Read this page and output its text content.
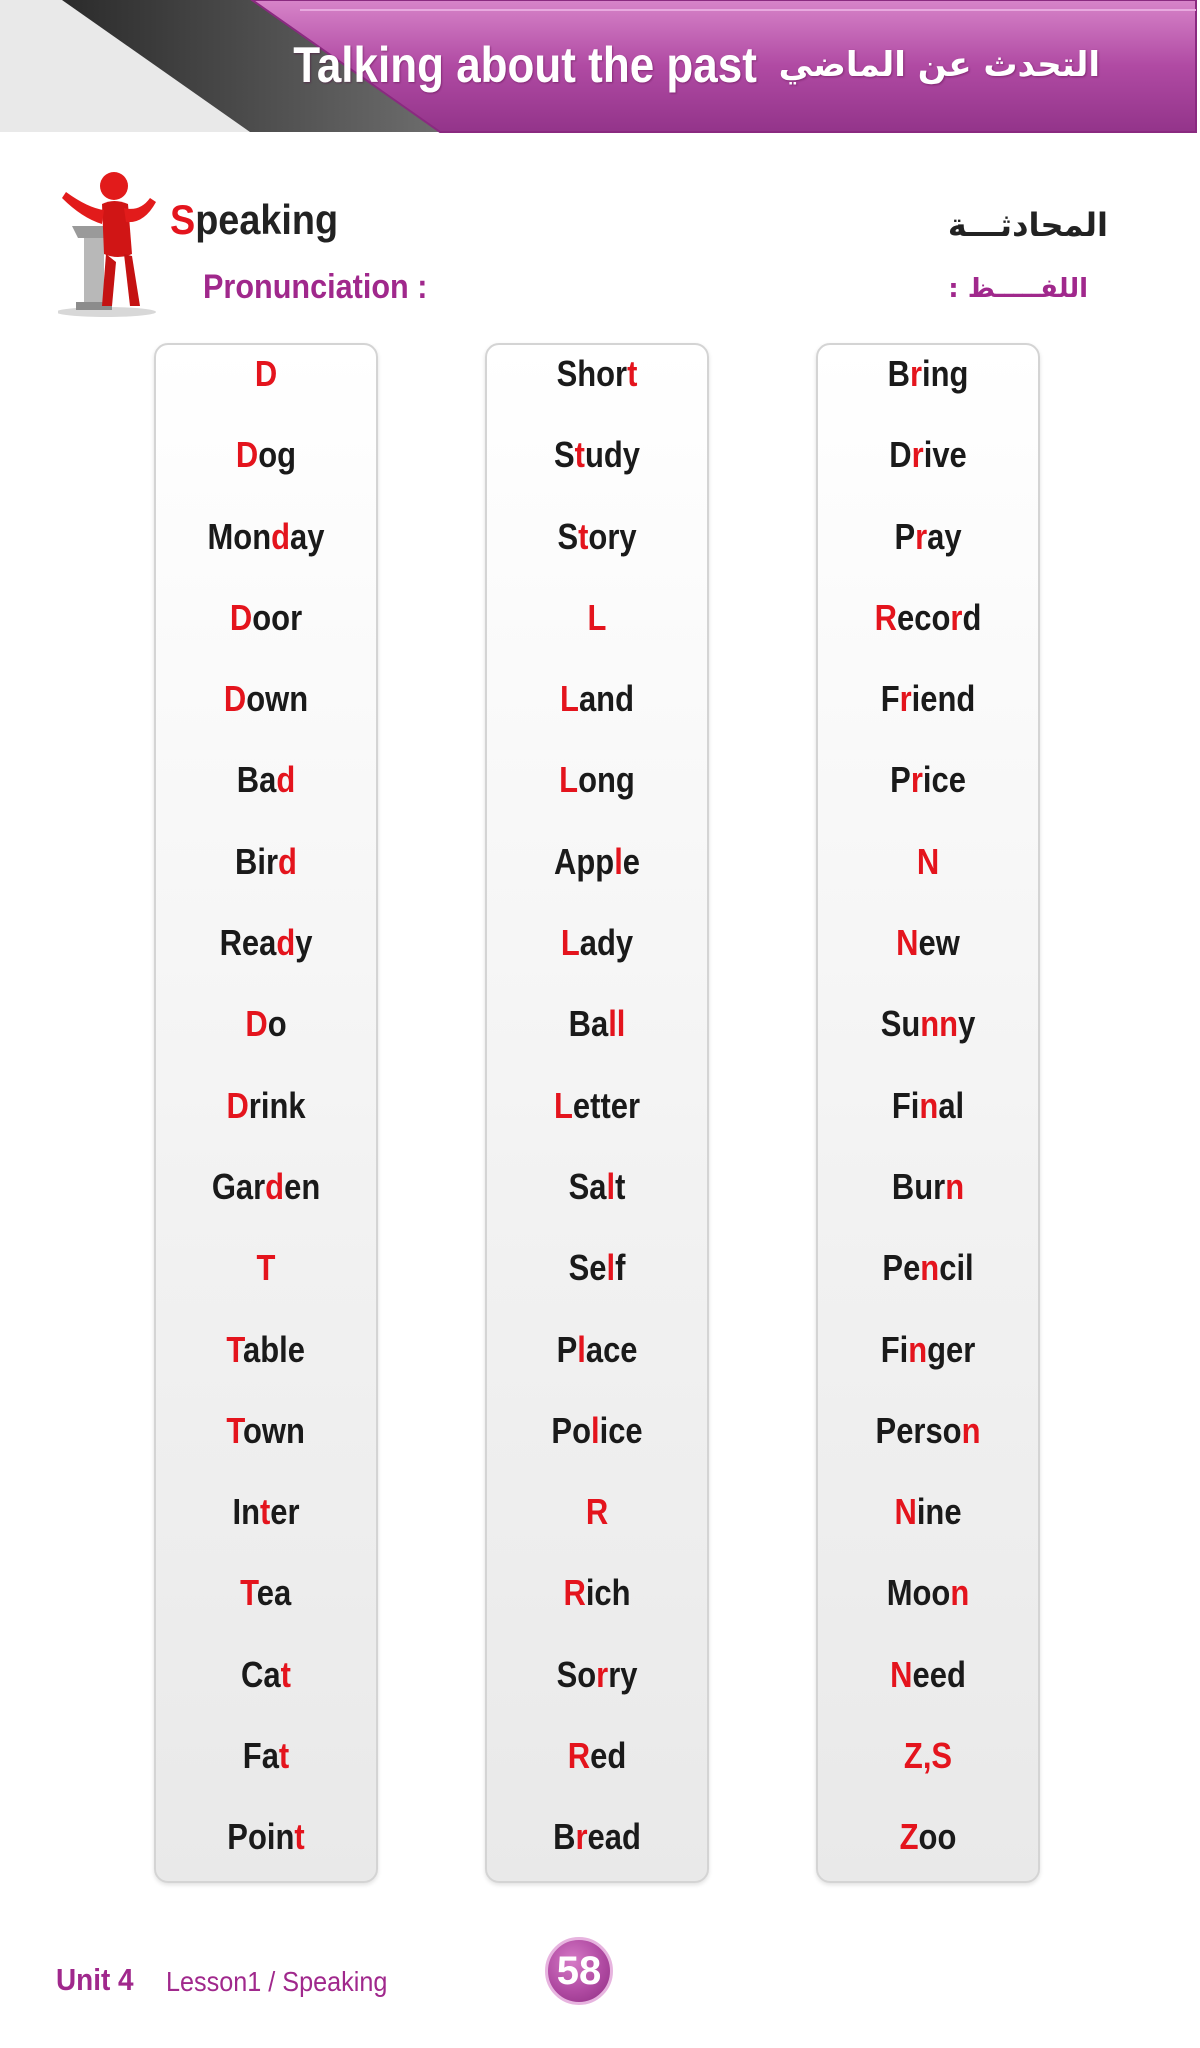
Talking about the past التحدث عن الماضي
Speaking
Pronunciation :
المحادثـــة
اللفـــــظ :
D
Dog
Monday
Door
Down
Bad
Bird
Ready
Do
Drink
Garden
T
Table
Town
Inter
Tea
Cat
Fat
Point
Short
Study
Story
L
Land
Long
Apple
Lady
Ball
Letter
Salt
Self
Place
Police
R
Rich
Sorry
Red
Bread
Bring
Drive
Pray
Record
Friend
Price
N
New
Sunny
Final
Burn
Pencil
Finger
Person
Nine
Moon
Need
Z,S
Zoo
Unit 4 Lesson1 / Speaking	58
